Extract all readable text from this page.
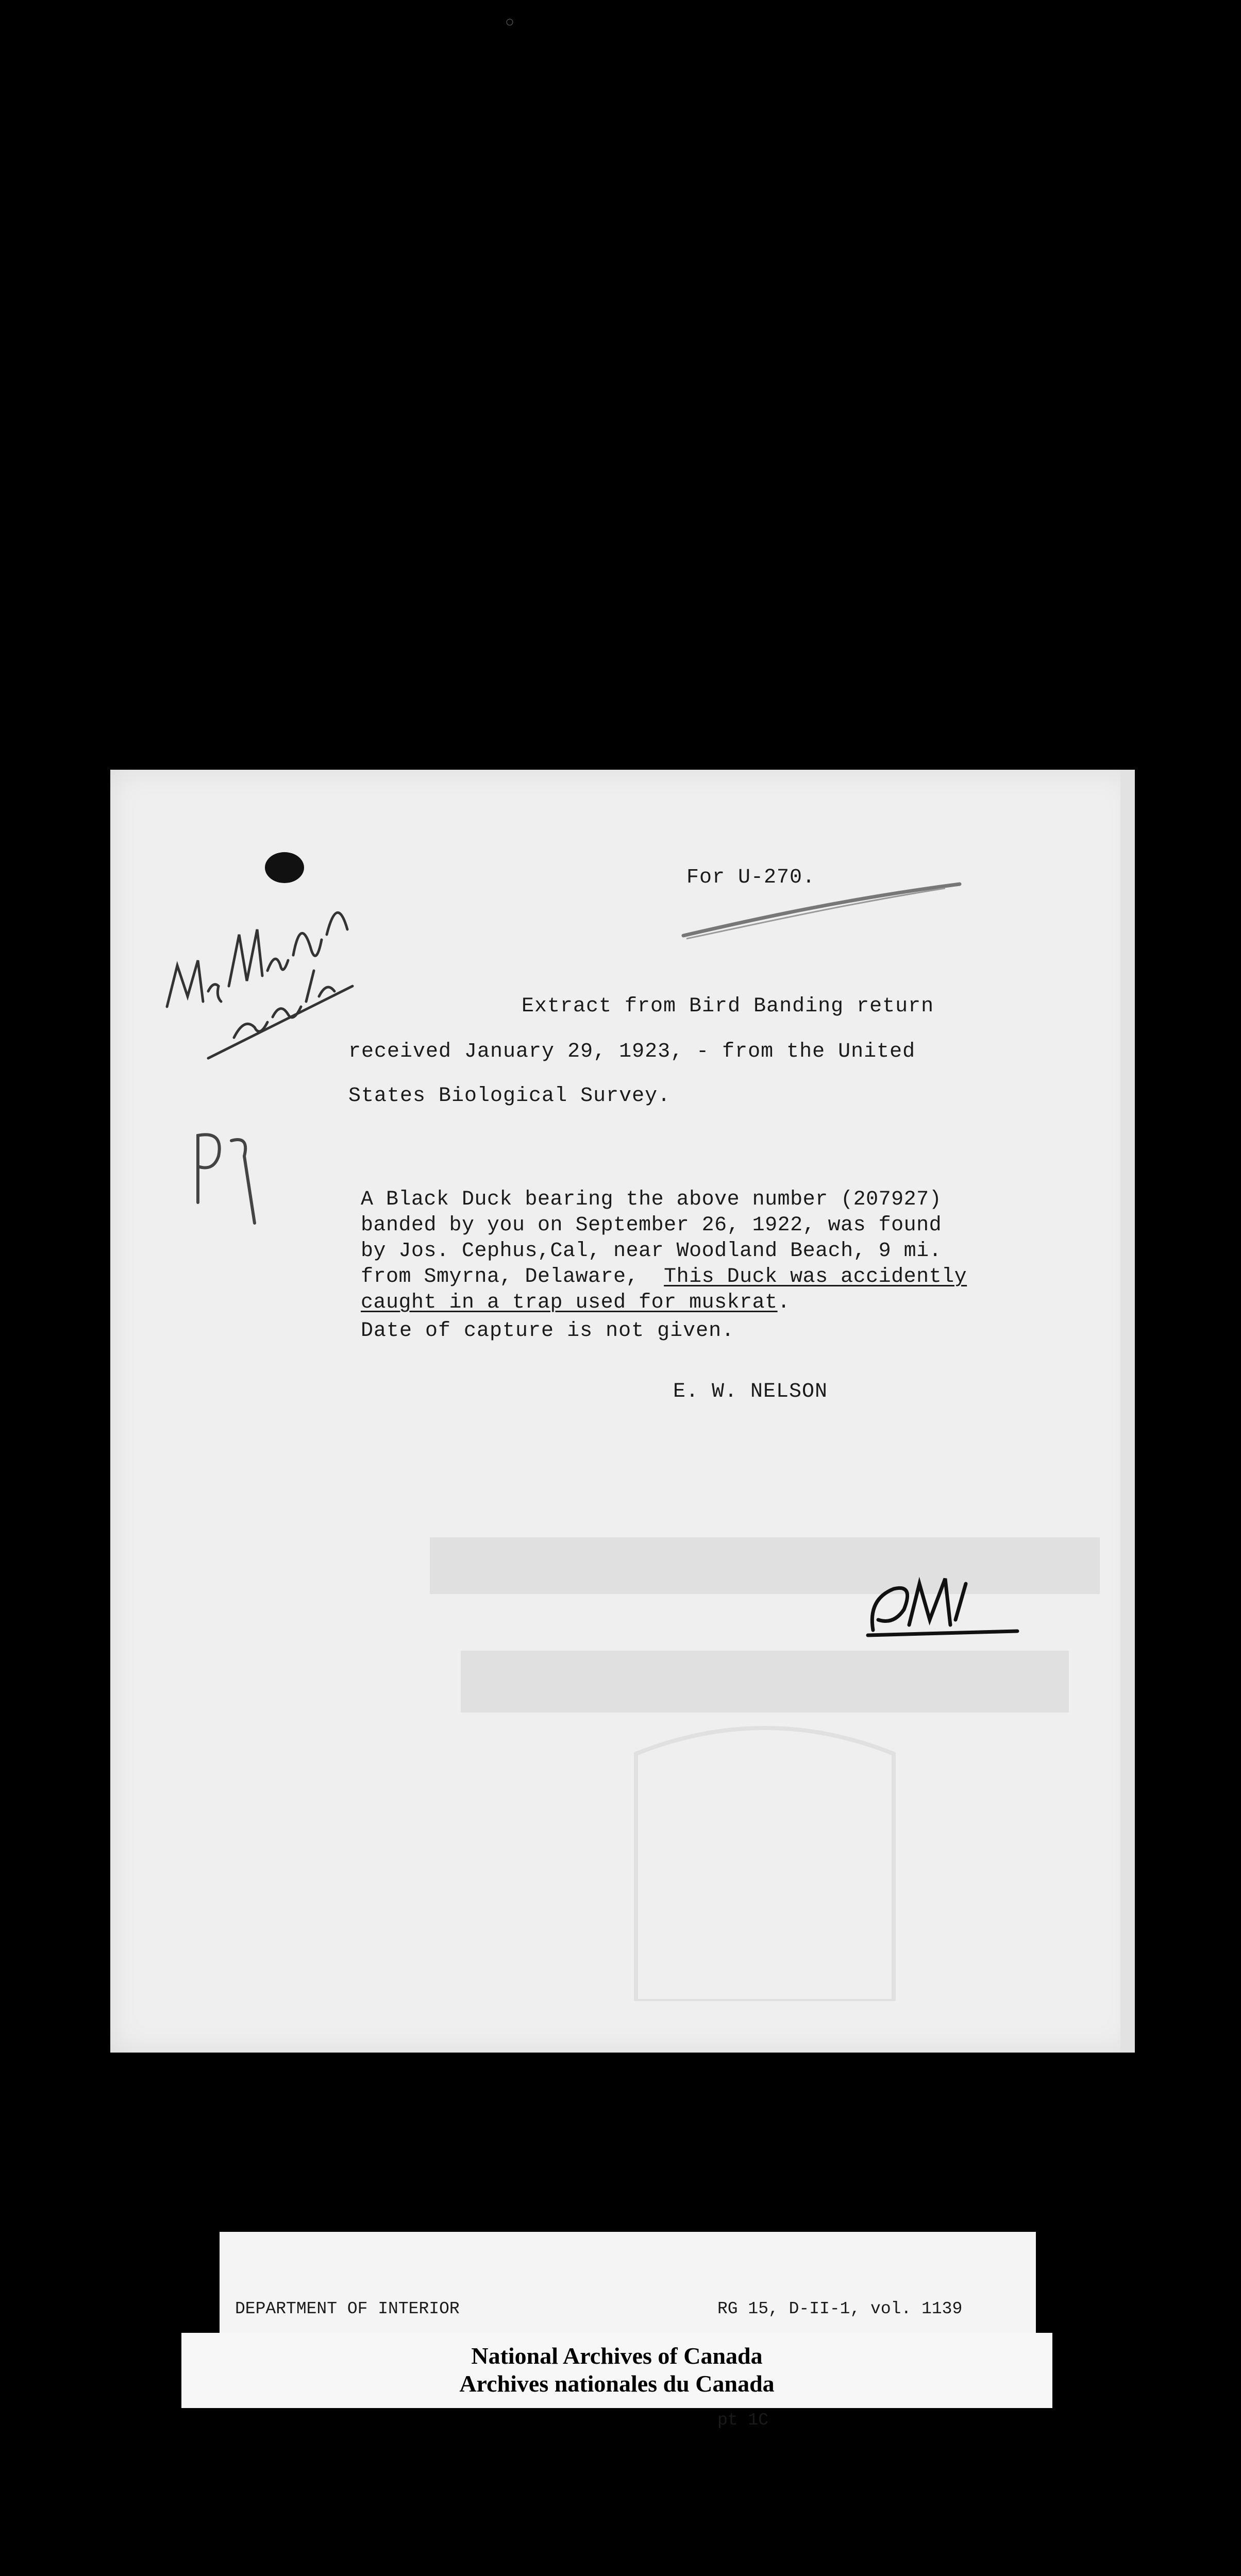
○
For U-270.
Extract from Bird Banding return
received January 29, 1923, - from the United
States Biological Survey.
A Black Duck bearing the above number (207927)
banded by you on September 26, 1922, was found
by Jos. Cephus,Cal, near Woodland Beach, 9 mi.
from Smyrna, Delaware,  This Duck was accidently
caught in a trap used for muskrat.
Date of capture is not given.
E. W. NELSON

DEPARTMENT OF INTERIOR

	RG 15, D-II-1, vol. 1139

pt 1C

National Archives of Canada
Archives nationales du Canada
